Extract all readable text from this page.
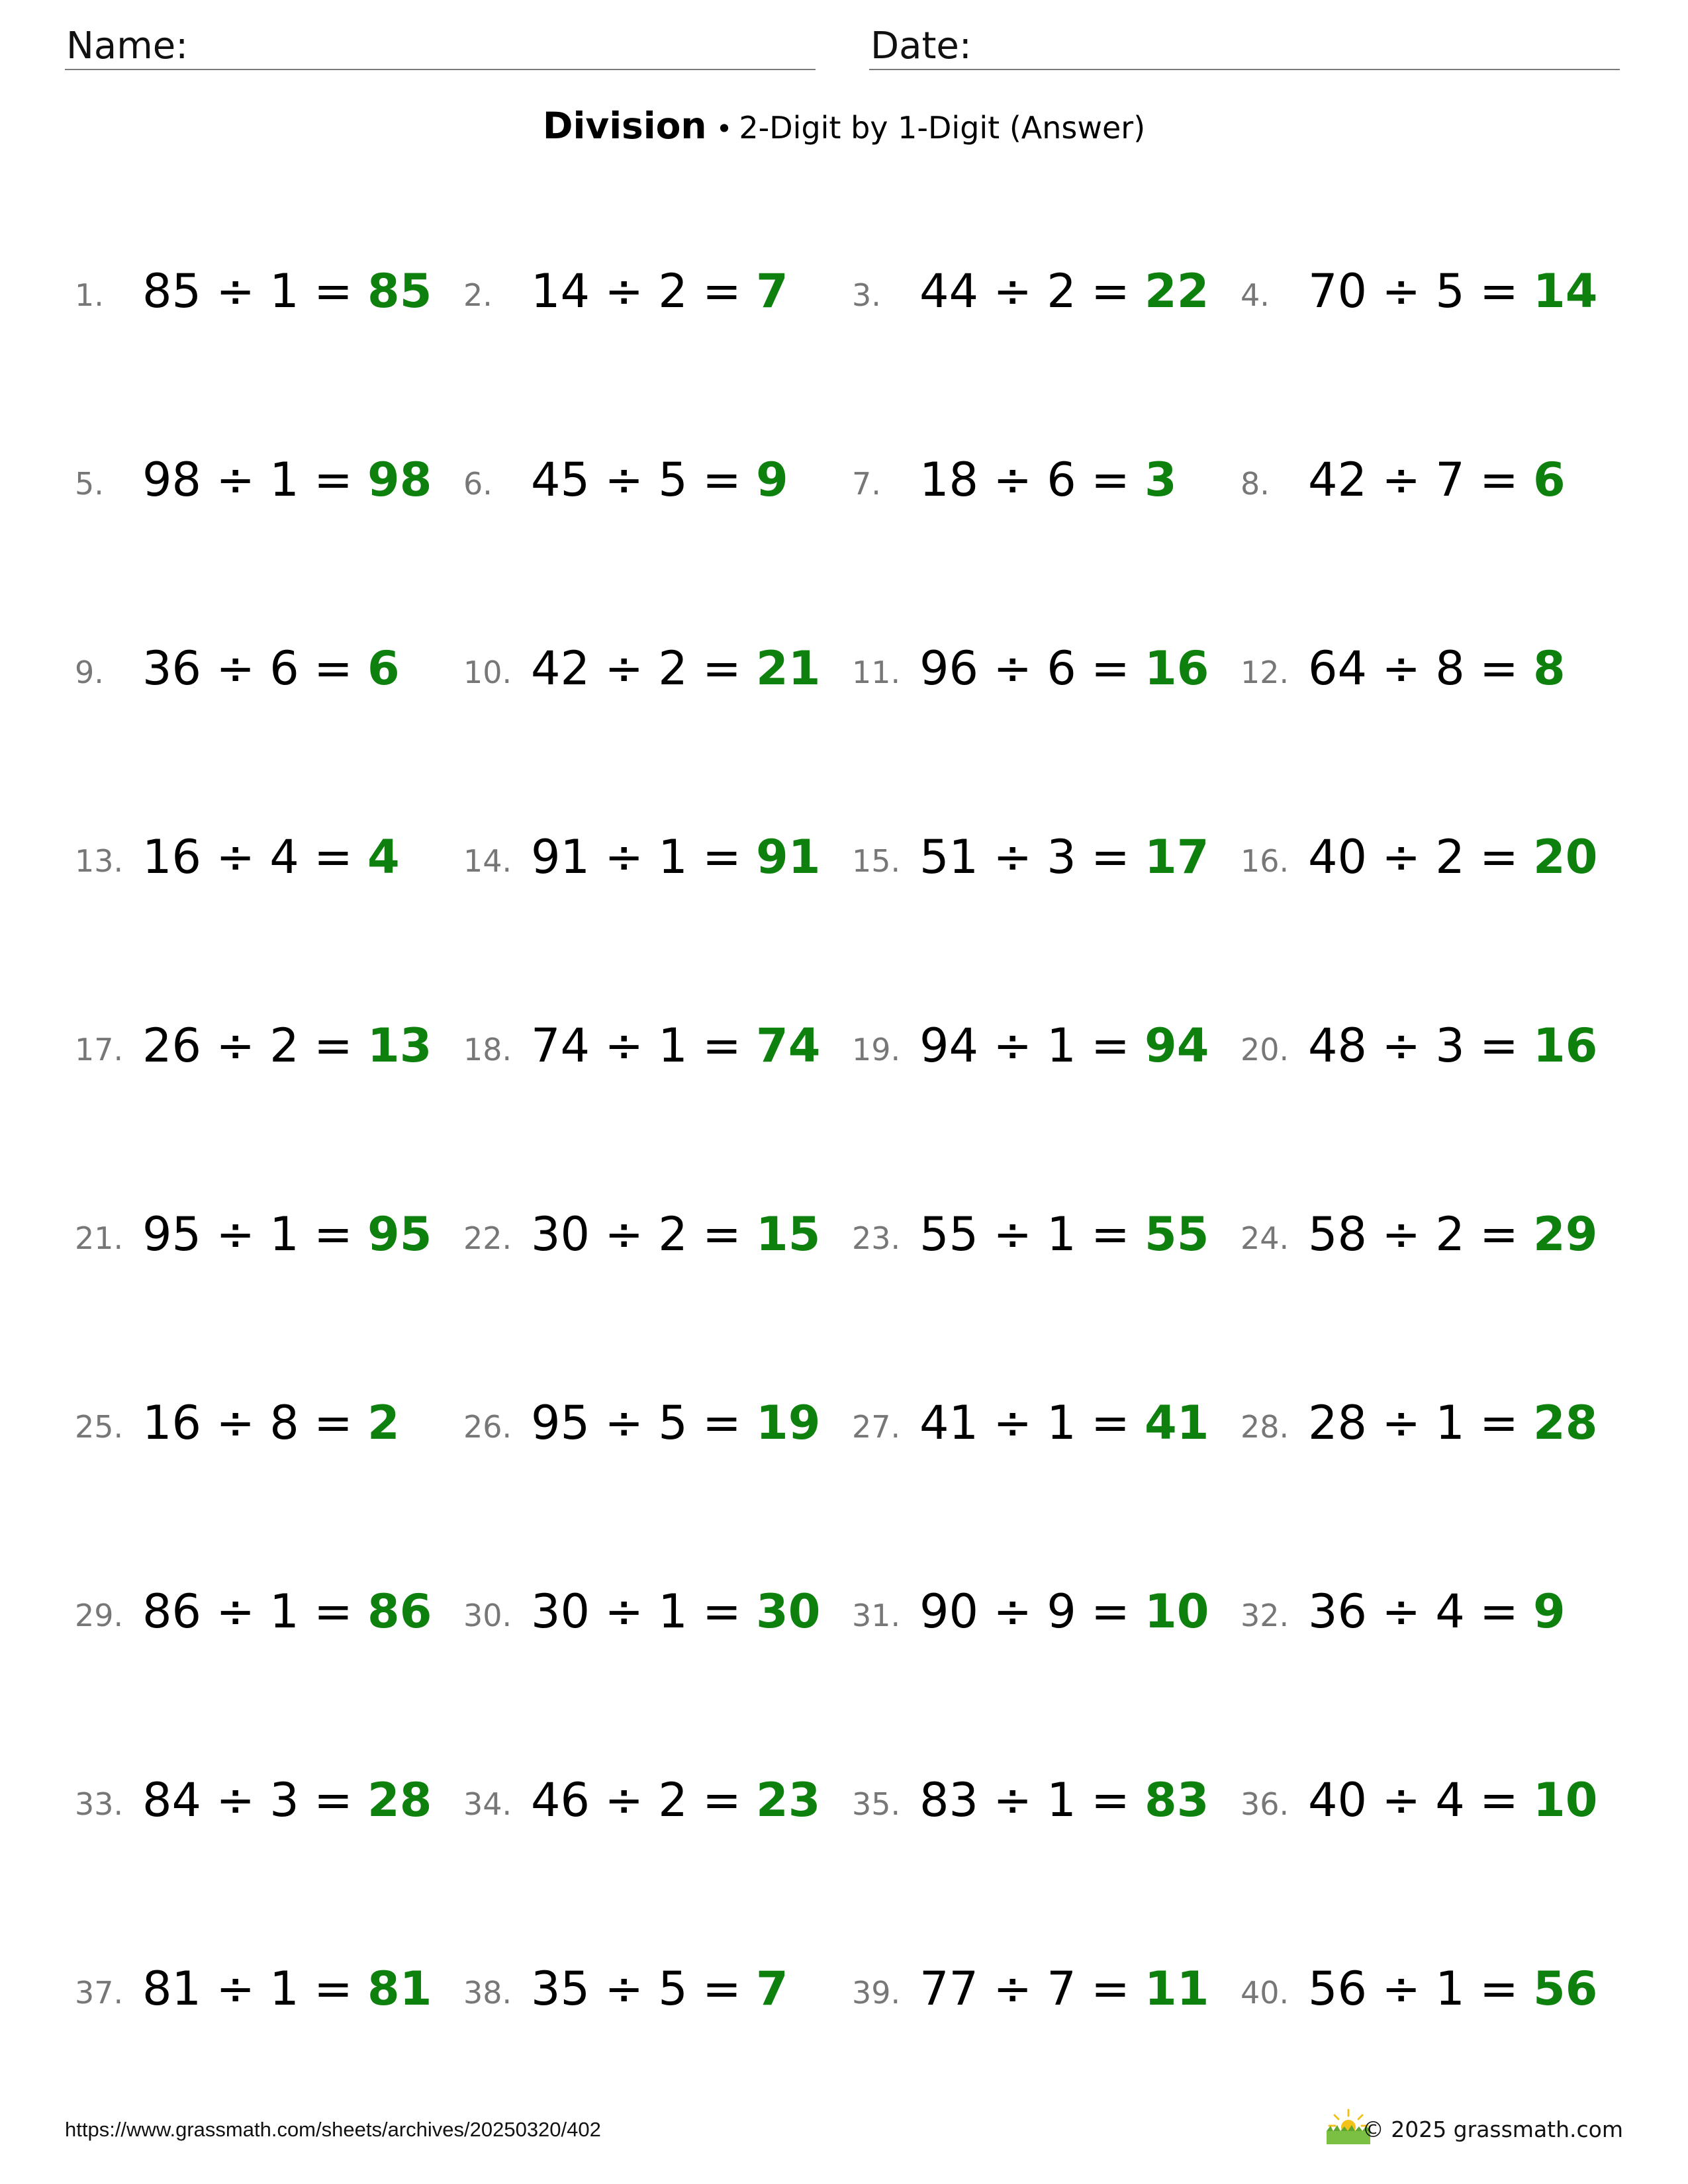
Name:	Date:
Division • 2-Digit by 1-Digit (Answer)
1. 85 ÷ 1 = 85 2. 14 ÷ 2 = 7 3. 44 ÷ 2 = 22 4. 70 ÷ 5 = 14
5. 98 ÷ 1 = 98 6. 45 ÷ 5 = 9 7. 18 ÷ 6 = 3 8. 42 ÷ 7 = 6
9. 36 ÷ 6 = 6 10. 42 ÷ 2 = 21 11. 96 ÷ 6 = 16 12. 64 ÷ 8 = 8
13. 16 ÷ 4 = 4 14. 91 ÷ 1 = 91 15. 51 ÷ 3 = 17 16. 40 ÷ 2 = 20
17. 26 ÷ 2 = 13 18. 74 ÷ 1 = 74 19. 94 ÷ 1 = 94 20. 48 ÷ 3 = 16
21. 95 ÷ 1 = 95 22. 30 ÷ 2 = 15 23. 55 ÷ 1 = 55 24. 58 ÷ 2 = 29
25. 16 ÷ 8 = 2 26. 95 ÷ 5 = 19 27. 41 ÷ 1 = 41 28. 28 ÷ 1 = 28
29. 86 ÷ 1 = 86 30. 30 ÷ 1 = 30 31. 90 ÷ 9 = 10 32. 36 ÷ 4 = 9
33. 84 ÷ 3 = 28 34. 46 ÷ 2 = 23 35. 83 ÷ 1 = 83 36. 40 ÷ 4 = 10
37. 81 ÷ 1 = 81 38. 35 ÷ 5 = 7 39. 77 ÷ 7 = 11 40. 56 ÷ 1 = 56
https://www.grassmath.com/sheets/archives/20250320/402	© 2025 grassmath.com
